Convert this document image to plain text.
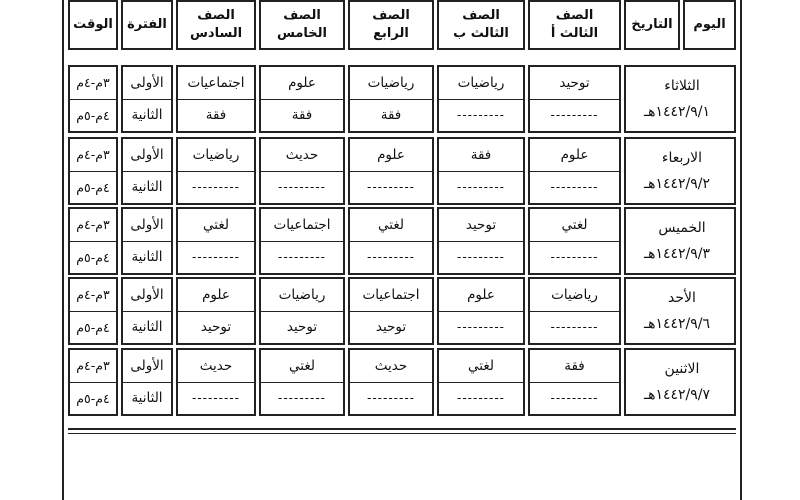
اليوم
التاريخ
الصف
الثالث أ
الصف
الثالث ب
الصف
الرابع
الصف
الخامس
الصف
السادس
الفترة
الوقت
الثلاثاء
١٤٤٢/٩/١هـ
توحيد
---------
رياضيات
---------
رياضيات
فقة
علوم
فقة
اجتماعيات
فقة
الأولى
الثانية
٣م-٤م
٤م-٥م
الاربعاء
١٤٤٢/٩/٢هـ
علوم
---------
فقة
---------
علوم
---------
حديث
---------
رياضيات
---------
الأولى
الثانية
٣م-٤م
٤م-٥م
الخميس
١٤٤٢/٩/٣هـ
لغتي
---------
توحيد
---------
لغتي
---------
اجتماعيات
---------
لغتي
---------
الأولى
الثانية
٣م-٤م
٤م-٥م
الأحد
١٤٤٢/٩/٦هـ
رياضيات
---------
علوم
---------
اجتماعيات
توحيد
رياضيات
توحيد
علوم
توحيد
الأولى
الثانية
٣م-٤م
٤م-٥م
الاثنين
١٤٤٢/٩/٧هـ
فقة
---------
لغتي
---------
حديث
---------
لغتي
---------
حديث
---------
الأولى
الثانية
٣م-٤م
٤م-٥م
